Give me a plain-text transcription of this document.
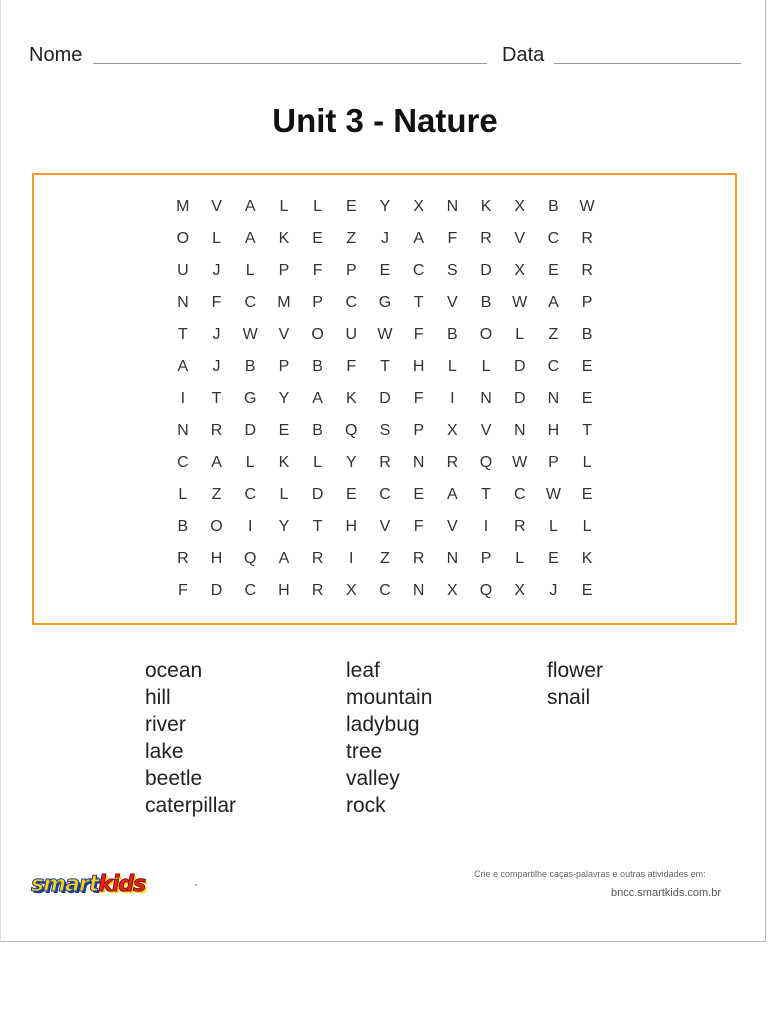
Nome	Data
Unit 3 - Nature
M	V	A	L	L	E	Y	X	N	K	X	B	W
O	L	A	K	E	Z	J	A	F	R	V	C	R
U	J	L	P	F	P	E	C	S	D	X	E	R
N	F	C	M	P	C	G	T	V	B	W	A	P
T	J	W	V	O	U	W	F	B	O	L	Z	B
A	J	B	P	B	F	T	H	L	L	D	C	E
I	T	G	Y	A	K	D	F	I	N	D	N	E
N	R	D	E	B	Q	S	P	X	V	N	H	T
C	A	L	K	L	Y	R	N	R	Q	W	P	L
L	Z	C	L	D	E	C	E	A	T	C	W	E
B	O	I	Y	T	H	V	F	V	I	R	L	L
R	H	Q	A	R	I	Z	R	N	P	L	E	K
F	D	C	H	R	X	C	N	X	Q	X	J	E
ocean
hill
river
lake
beetle
caterpillar
leaf
mountain
ladybug
tree
valley
rock
flower
snail
smartkids	Crie e compartilhe caças-palavras e outras atividades em:
bncc.smartkids.com.br
